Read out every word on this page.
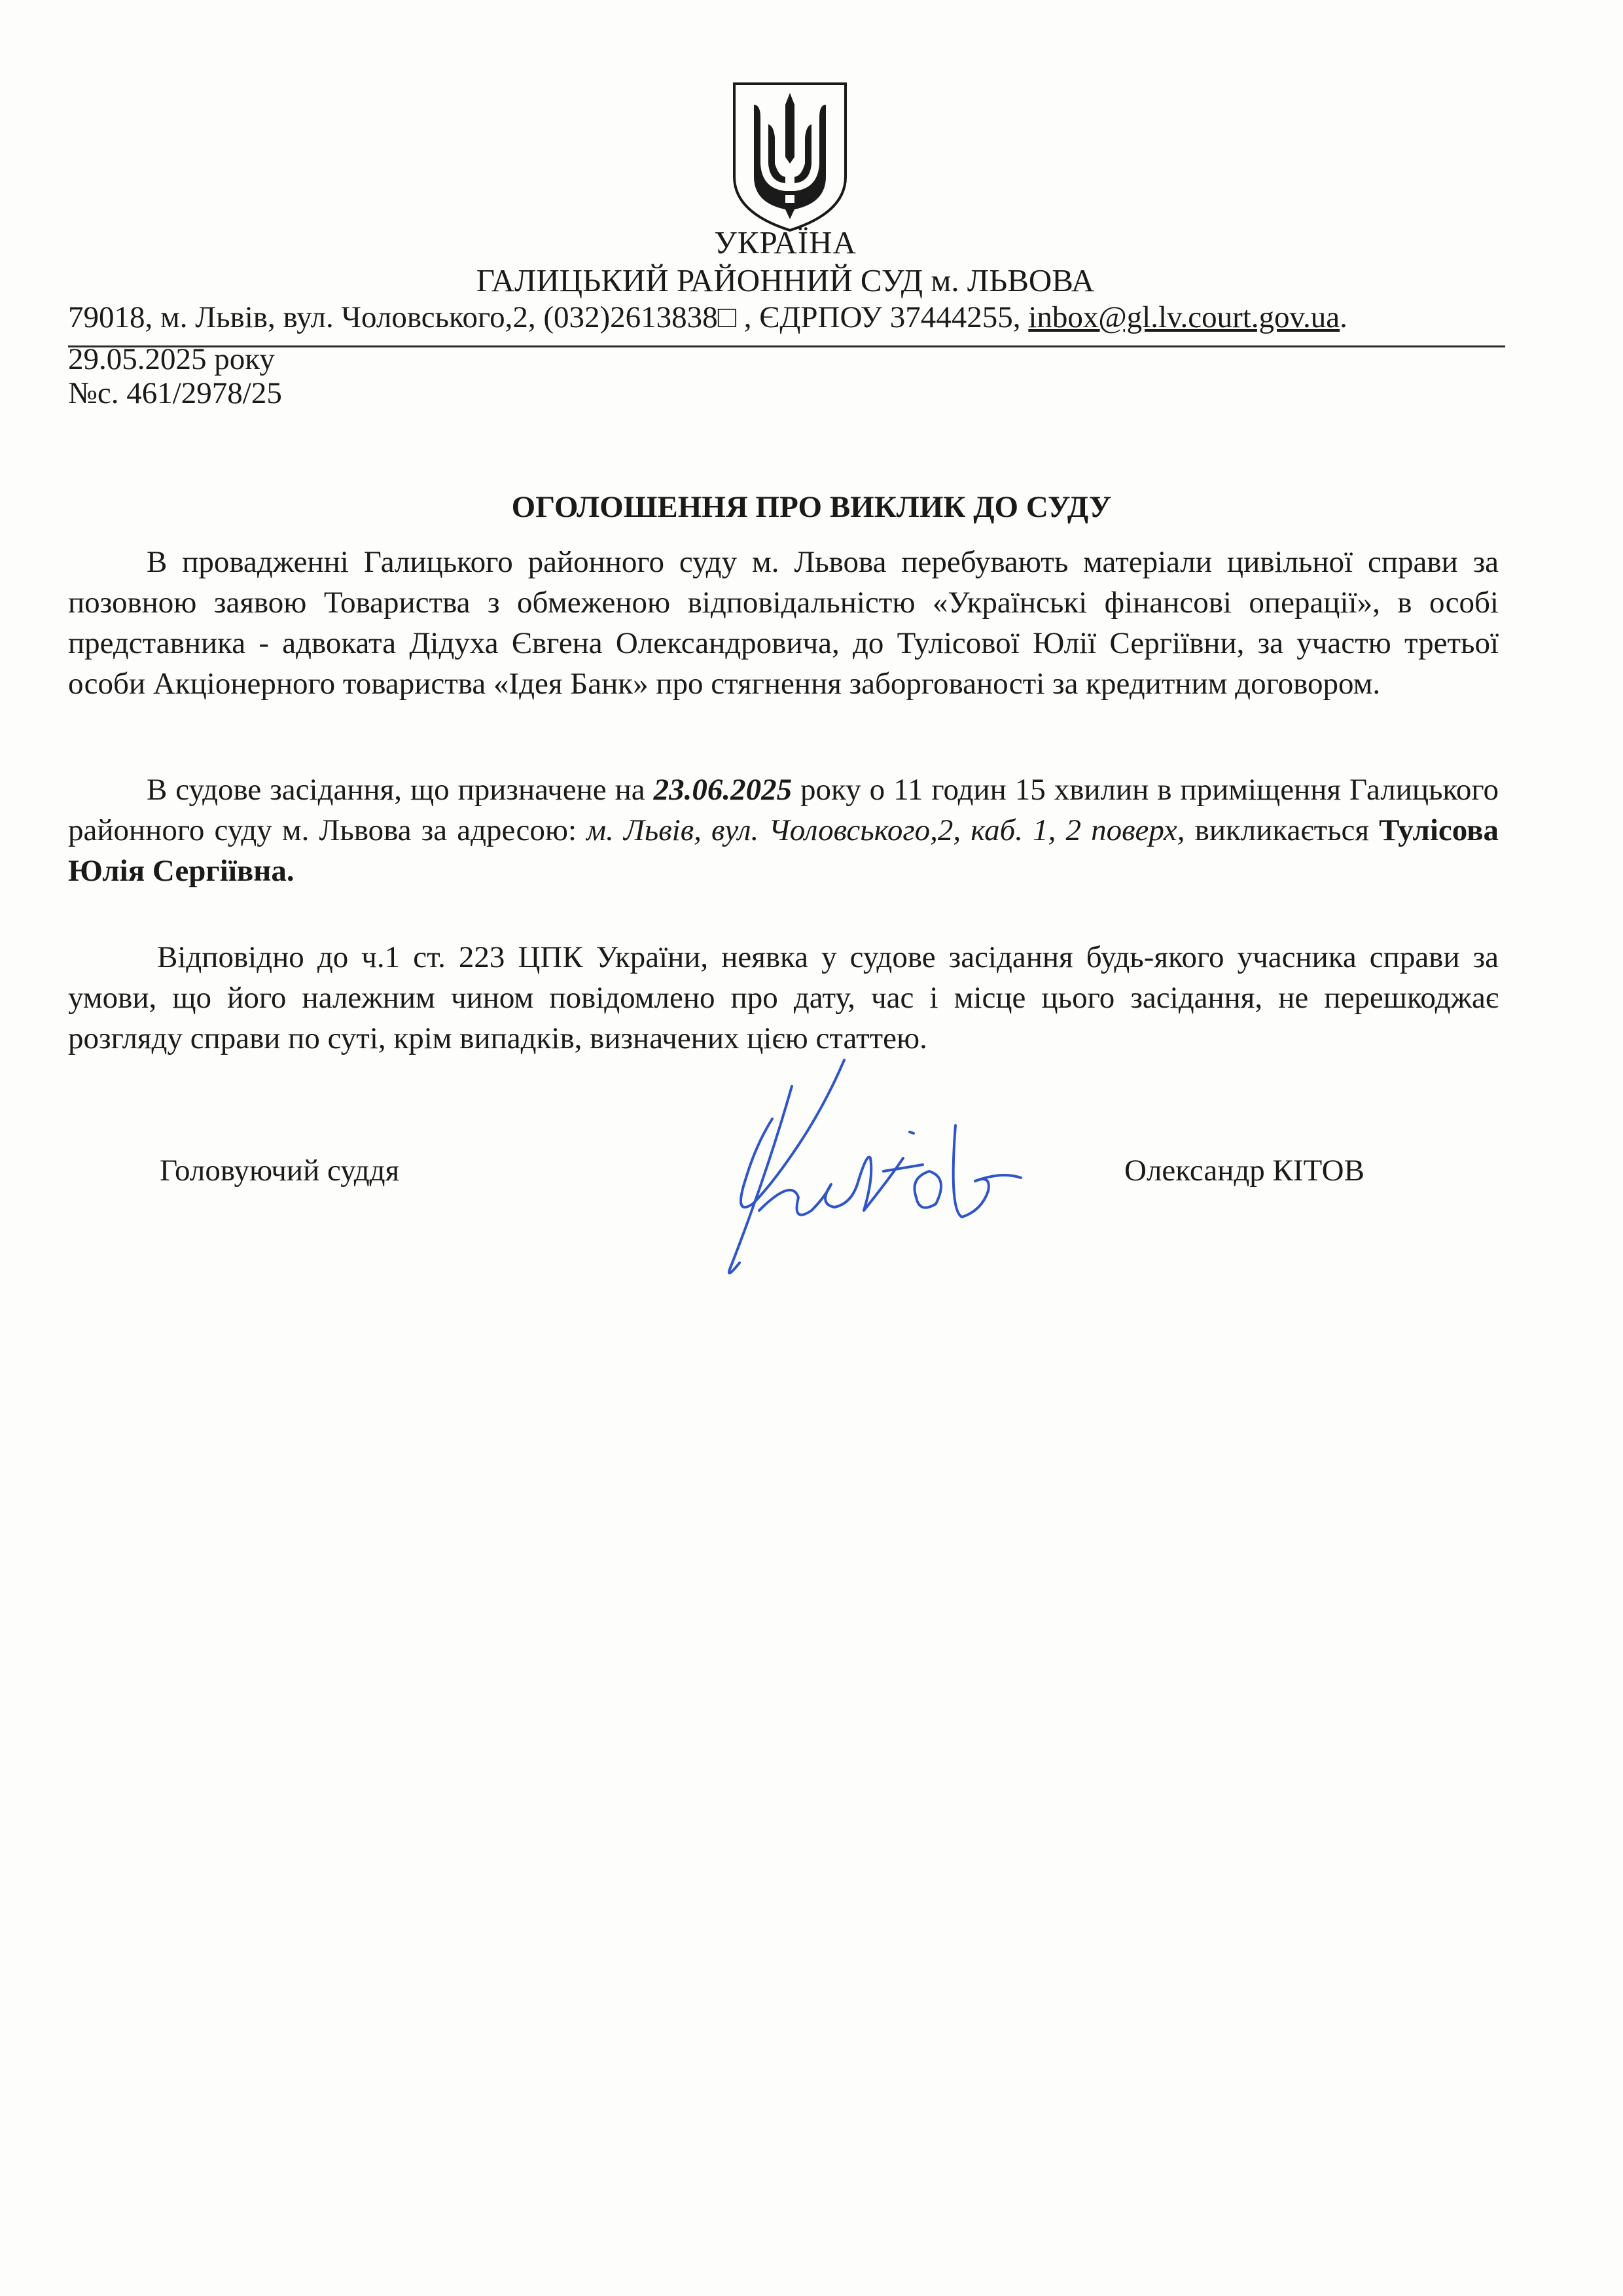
УКРАЇНА
ГАЛИЦЬКИЙ РАЙОННИЙ СУД м. ЛЬВОВА
79018, м. Львів, вул. Чоловського,2, (032)2613838□ , ЄДРПОУ 37444255, inbox@gl.lv.court.gov.ua.
29.05.2025 року
№с. 461/2978/25
ОГОЛОШЕННЯ ПРО ВИКЛИК ДО СУДУ
В провадженні Галицького районного суду м. Львова перебувають матеріали цивільної справи за позовною заявою Товариства з обмеженою відповідальністю «Українські фінансові операції», в особі представника - адвоката Дідуха Євгена Олександровича, до Тулісової Юлії Сергіївни, за участю третьої особи Акціонерного товариства «Ідея Банк» про стягнення заборгованості за кредитним договором.
В судове засідання, що призначене на 23.06.2025 року о 11 годин 15 хвилин в приміщення Галицького районного суду м. Львова за адресою: м. Львів, вул. Чоловського,2, каб. 1, 2 поверх, викликається Тулісова Юлія Сергіївна.
Відповідно до ч.1 ст. 223 ЦПК України, неявка у судове засідання будь-якого учасника справи за умови, що його належним чином повідомлено про дату, час і місце цього засідання, не перешкоджає розгляду справи по суті, крім випадків, визначених цією статтею.
Головуючий суддя	Олександр КІТОВ
